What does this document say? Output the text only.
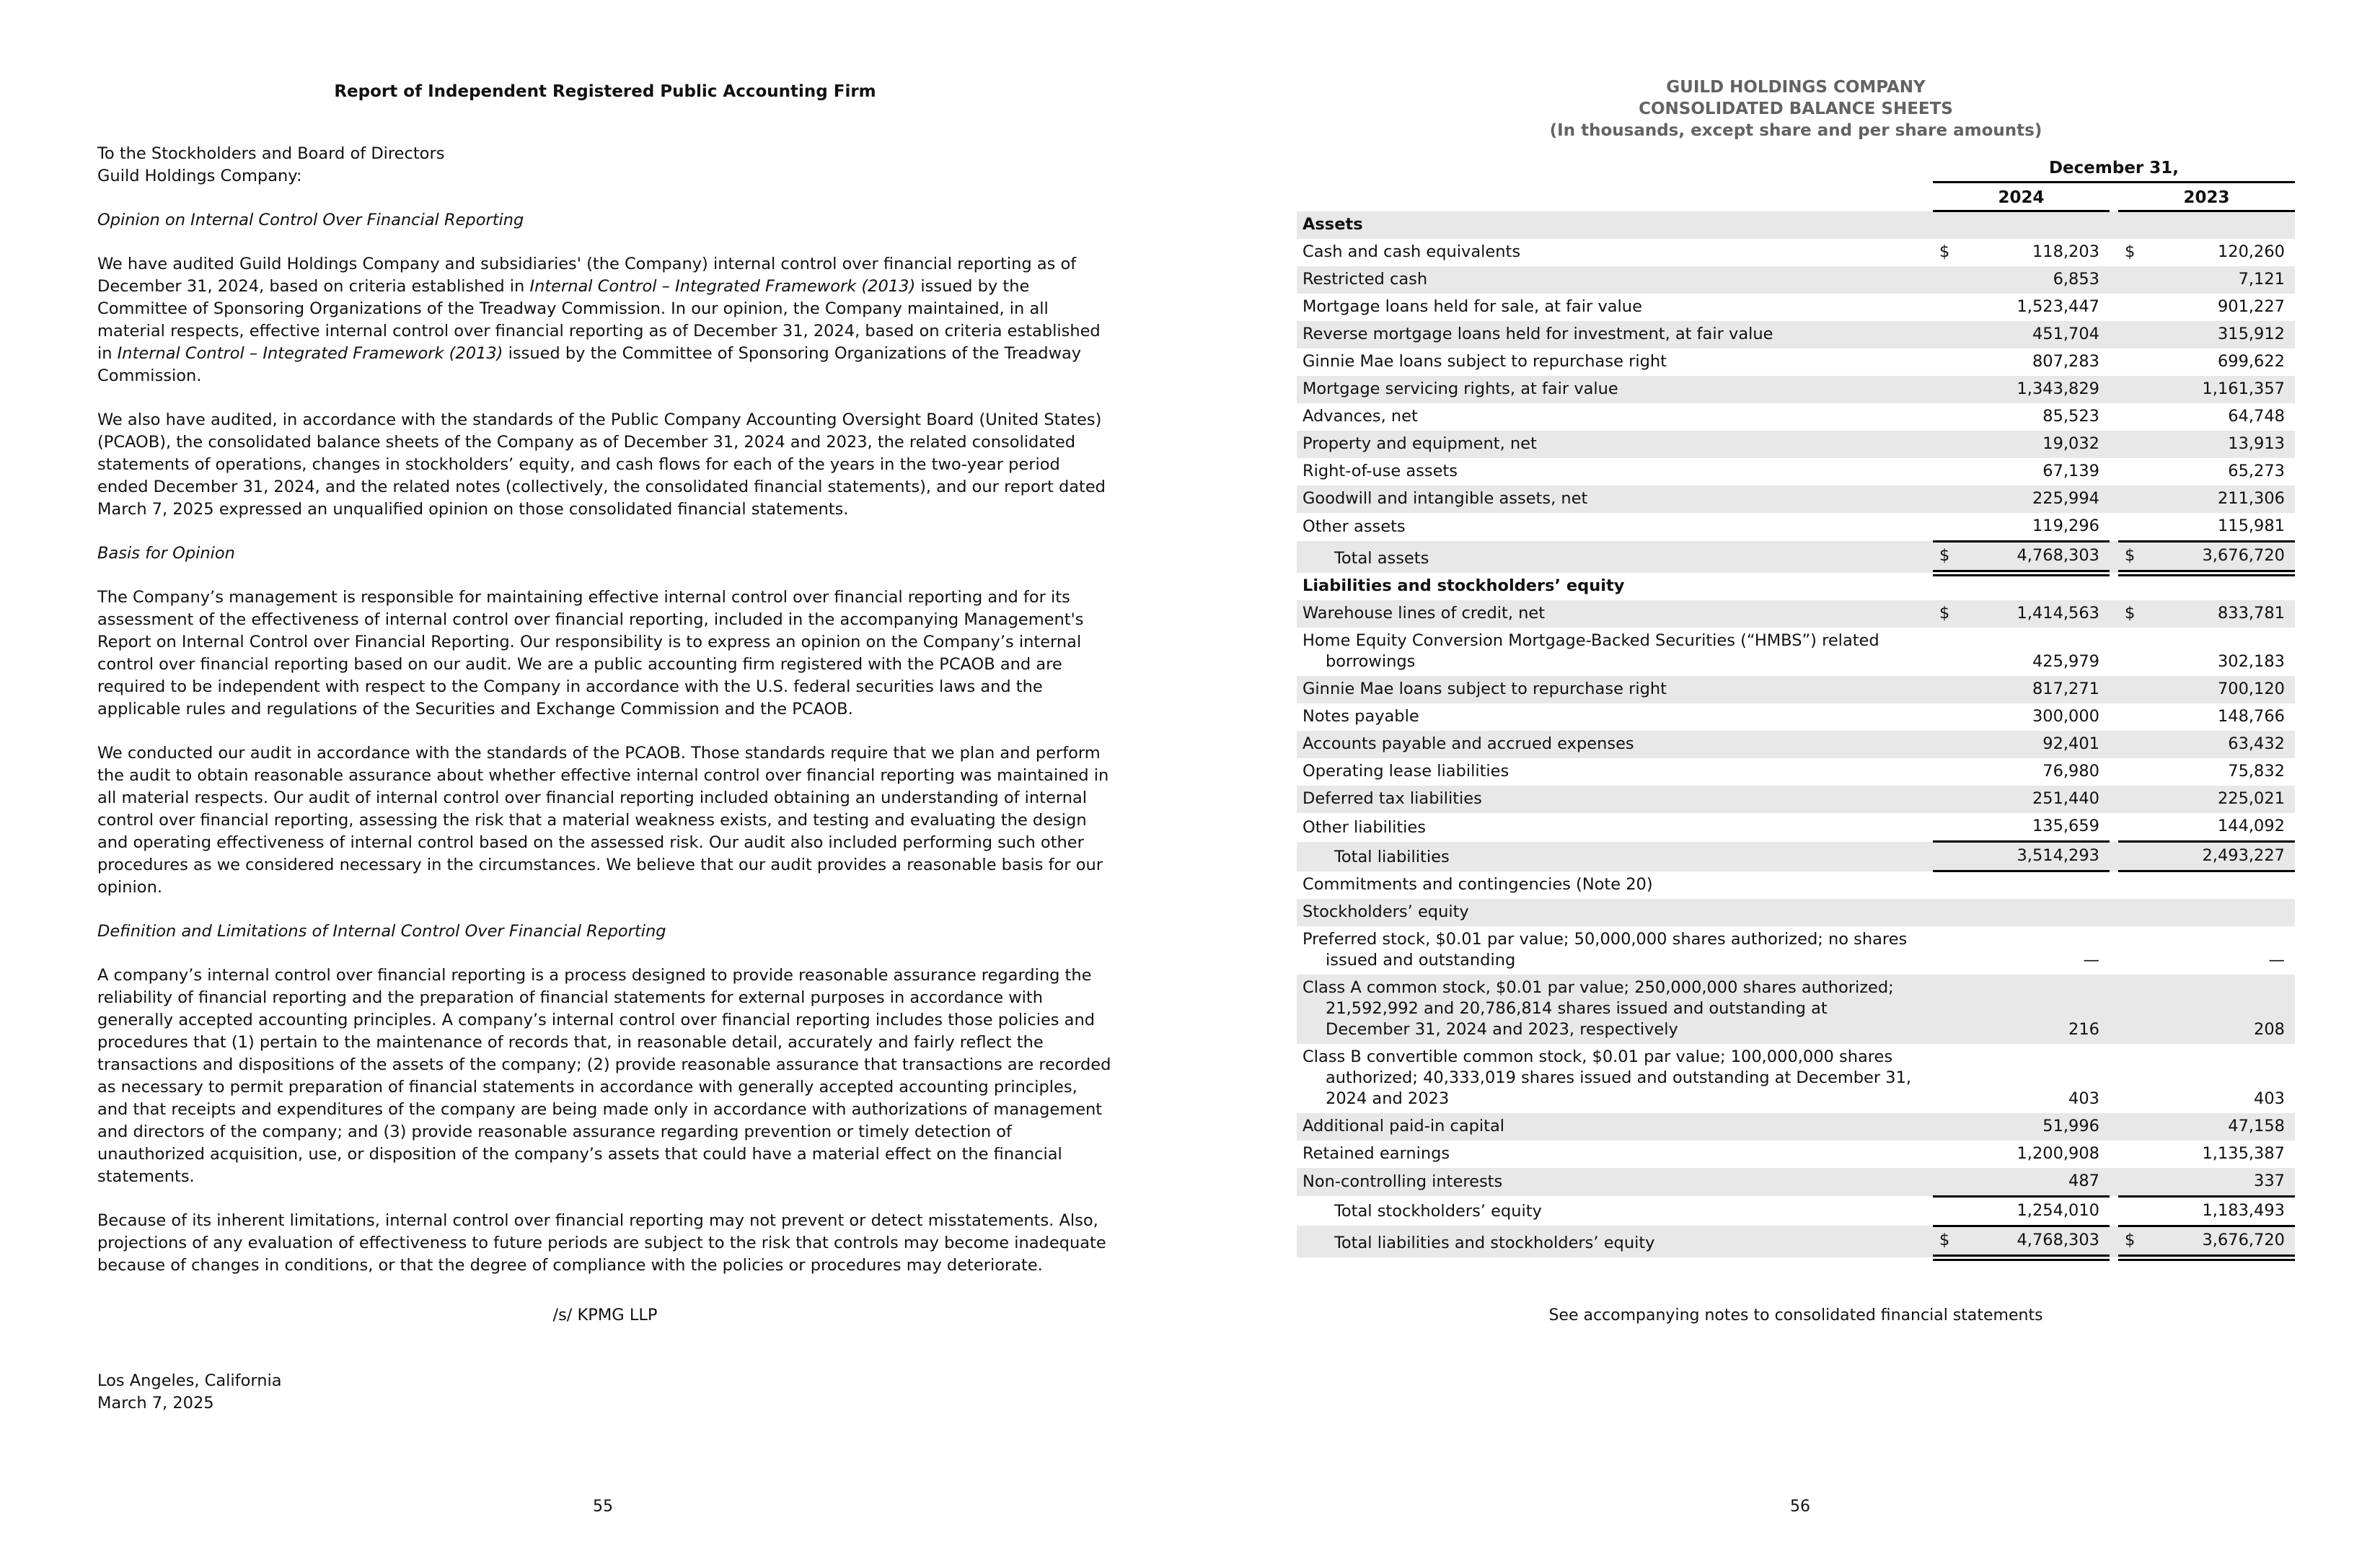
Report of Independent Registered Public Accounting Firm
To the Stockholders and Board of Directors
Guild Holdings Company:
Opinion on Internal Control Over Financial Reporting

We have audited Guild Holdings Company and subsidiaries' (the Company) internal control over financial reporting as of December 31, 2024, based on criteria established in Internal Control – Integrated Framework (2013) issued by the Committee of Sponsoring Organizations of the Treadway Commission. In our opinion, the Company maintained, in all material respects, effective internal control over financial reporting as of December 31, 2024, based on criteria established in Internal Control – Integrated Framework (2013) issued by the Committee of Sponsoring Organizations of the Treadway Commission.

We also have audited, in accordance with the standards of the Public Company Accounting Oversight Board (United States) (PCAOB), the consolidated balance sheets of the Company as of December 31, 2024 and 2023, the related consolidated statements of operations, changes in stockholders’ equity, and cash flows for each of the years in the two-year period ended December 31, 2024, and the related notes (collectively, the consolidated financial statements), and our report dated March 7, 2025 expressed an unqualified opinion on those consolidated financial statements.

Basis for Opinion

The Company’s management is responsible for maintaining effective internal control over financial reporting and for its assessment of the effectiveness of internal control over financial reporting, included in the accompanying Management's Report on Internal Control over Financial Reporting. Our responsibility is to express an opinion on the Company’s internal control over financial reporting based on our audit. We are a public accounting firm registered with the PCAOB and are required to be independent with respect to the Company in accordance with the U.S. federal securities laws and the applicable rules and regulations of the Securities and Exchange Commission and the PCAOB.

We conducted our audit in accordance with the standards of the PCAOB. Those standards require that we plan and perform the audit to obtain reasonable assurance about whether effective internal control over financial reporting was maintained in all material respects. Our audit of internal control over financial reporting included obtaining an understanding of internal control over financial reporting, assessing the risk that a material weakness exists, and testing and evaluating the design and operating effectiveness of internal control based on the assessed risk. Our audit also included performing such other procedures as we considered necessary in the circumstances. We believe that our audit provides a reasonable basis for our opinion.

Definition and Limitations of Internal Control Over Financial Reporting

A company’s internal control over financial reporting is a process designed to provide reasonable assurance regarding the reliability of financial reporting and the preparation of financial statements for external purposes in accordance with generally accepted accounting principles. A company’s internal control over financial reporting includes those policies and procedures that (1) pertain to the maintenance of records that, in reasonable detail, accurately and fairly reflect the transactions and dispositions of the assets of the company; (2) provide reasonable assurance that transactions are recorded as necessary to permit preparation of financial statements in accordance with generally accepted accounting principles, and that receipts and expenditures of the company are being made only in accordance with authorizations of management and directors of the company; and (3) provide reasonable assurance regarding prevention or timely detection of unauthorized acquisition, use, or disposition of the company’s assets that could have a material effect on the financial statements.

Because of its inherent limitations, internal control over financial reporting may not prevent or detect misstatements. Also, projections of any evaluation of effectiveness to future periods are subject to the risk that controls may become inadequate because of changes in conditions, or that the degree of compliance with the policies or procedures may deteriorate.

/s/ KPMG LLP
Los Angeles, California
March 7, 2025
GUILD HOLDINGS COMPANY
CONSOLIDATED BALANCE SHEETS
(In thousands, except share and per share amounts)
	December 31,		
	2024		2023
Assets			
Cash and cash equivalents	$ 118,203		$ 120,260
Restricted cash	6,853		7,121
Mortgage loans held for sale, at fair value	1,523,447		901,227
Reverse mortgage loans held for investment, at fair value	451,704		315,912
Ginnie Mae loans subject to repurchase right	807,283		699,622
Mortgage servicing rights, at fair value	1,343,829		1,161,357
Advances, net	85,523		64,748
Property and equipment, net	19,032		13,913
Right-of-use assets	67,139		65,273
Goodwill and intangible assets, net	225,994		211,306
Other assets	119,296		115,981
Total assets	$ 4,768,303		$ 3,676,720
Liabilities and stockholders’ equity			
Warehouse lines of credit, net	$ 1,414,563		$ 833,781

Home Equity Conversion Mortgage-Backed Securities (“HMBS”) related
borrowings	425,979		302,183
Ginnie Mae loans subject to repurchase right	817,271		700,120
Notes payable	300,000		148,766
Accounts payable and accrued expenses	92,401		63,432
Operating lease liabilities	76,980		75,832
Deferred tax liabilities	251,440		225,021
Other liabilities	135,659		144,092
Total liabilities	3,514,293		2,493,227
Commitments and contingencies (Note 20)			
Stockholders’ equity			

Preferred stock, $0.01 par value; 50,000,000 shares authorized; no shares
issued and outstanding	—		—

Class A common stock, $0.01 par value; 250,000,000 shares authorized;
21,592,992 and 20,786,814 shares issued and outstanding at
December 31, 2024 and 2023, respectively	216		208

Class B convertible common stock, $0.01 par value; 100,000,000 shares
authorized; 40,333,019 shares issued and outstanding at December 31,
2024 and 2023	403		403
Additional paid-in capital	51,996		47,158
Retained earnings	1,200,908		1,135,387
Non-controlling interests	487		337
Total stockholders’ equity	1,254,010		1,183,493
Total liabilities and stockholders’ equity	$ 4,768,303		$ 3,676,720
See accompanying notes to consolidated financial statements
55	56
